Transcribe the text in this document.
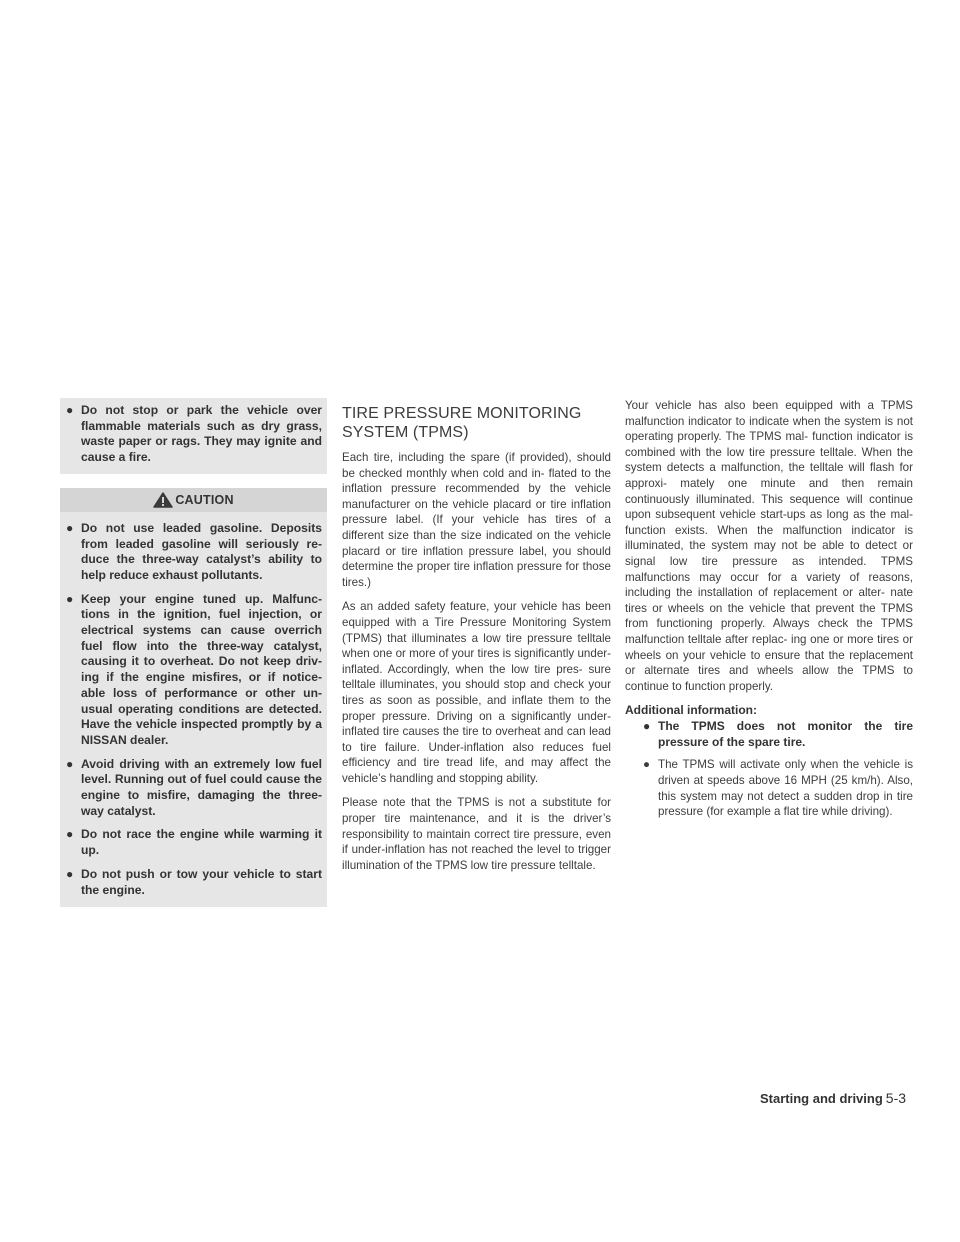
● Do not stop or park the vehicle over flammable materials such as dry grass, waste paper or rags. They may ignite and cause a fire.
CAUTION
● Do not use leaded gasoline. Deposits from leaded gasoline will seriously re- duce the three-way catalyst’s ability to help reduce exhaust pollutants.
● Keep your engine tuned up. Malfunc- tions in the ignition, fuel injection, or electrical systems can cause overrich fuel flow into the three-way catalyst, causing it to overheat. Do not keep driv- ing if the engine misfires, or if notice- able loss of performance or other un- usual operating conditions are detected. Have the vehicle inspected promptly by a NISSAN dealer.
● Avoid driving with an extremely low fuel level. Running out of fuel could cause the engine to misfire, damaging the three-way catalyst.
● Do not race the engine while warming it up.
● Do not push or tow your vehicle to start the engine.
TIRE PRESSURE MONITORING SYSTEM (TPMS)

Each tire, including the spare (if provided), should be checked monthly when cold and in- flated to the inflation pressure recommended by the vehicle manufacturer on the vehicle placard or tire inflation pressure label. (If your vehicle has tires of a different size than the size indicated on the vehicle placard or tire inflation pressure label, you should determine the proper tire inflation pressure for those tires.)

As an added safety feature, your vehicle has been equipped with a Tire Pressure Monitoring System (TPMS) that illuminates a low tire pressure telltale when one or more of your tires is significantly under-inflated. Accordingly, when the low tire pres- sure telltale illuminates, you should stop and check your tires as soon as possible, and inflate them to the proper pressure. Driving on a significantly under-inflated tire causes the tire to overheat and can lead to tire failure. Under-inflation also reduces fuel efficiency and tire tread life, and may affect the vehicle’s handling and stopping ability.

Please note that the TPMS is not a substitute for proper tire maintenance, and it is the driver’s responsibility to maintain correct tire pressure, even if under-inflation has not reached the level to trigger illumination of the TPMS low tire pressure telltale.

Your vehicle has also been equipped with a TPMS malfunction indicator to indicate when the system is not operating properly. The TPMS mal- function indicator is combined with the low tire pressure telltale. When the system detects a malfunction, the telltale will flash for approxi- mately one minute and then remain continuously illuminated. This sequence will continue upon subsequent vehicle start-ups as long as the mal- function exists. When the malfunction indicator is illuminated, the system may not be able to detect or signal low tire pressure as intended. TPMS malfunctions may occur for a variety of reasons, including the installation of replacement or alter- nate tires or wheels on the vehicle that prevent the TPMS from functioning properly. Always check the TPMS malfunction telltale after replac- ing one or more tires or wheels on your vehicle to ensure that the replacement or alternate tires and wheels allow the TPMS to continue to function properly.

Additional information:
● The TPMS does not monitor the tire pressure of the spare tire.
● The TPMS will activate only when the vehicle is driven at speeds above 16 MPH (25 km/h). Also, this system may not detect a sudden drop in tire pressure (for example a flat tire while driving).
Starting and driving 5-3
